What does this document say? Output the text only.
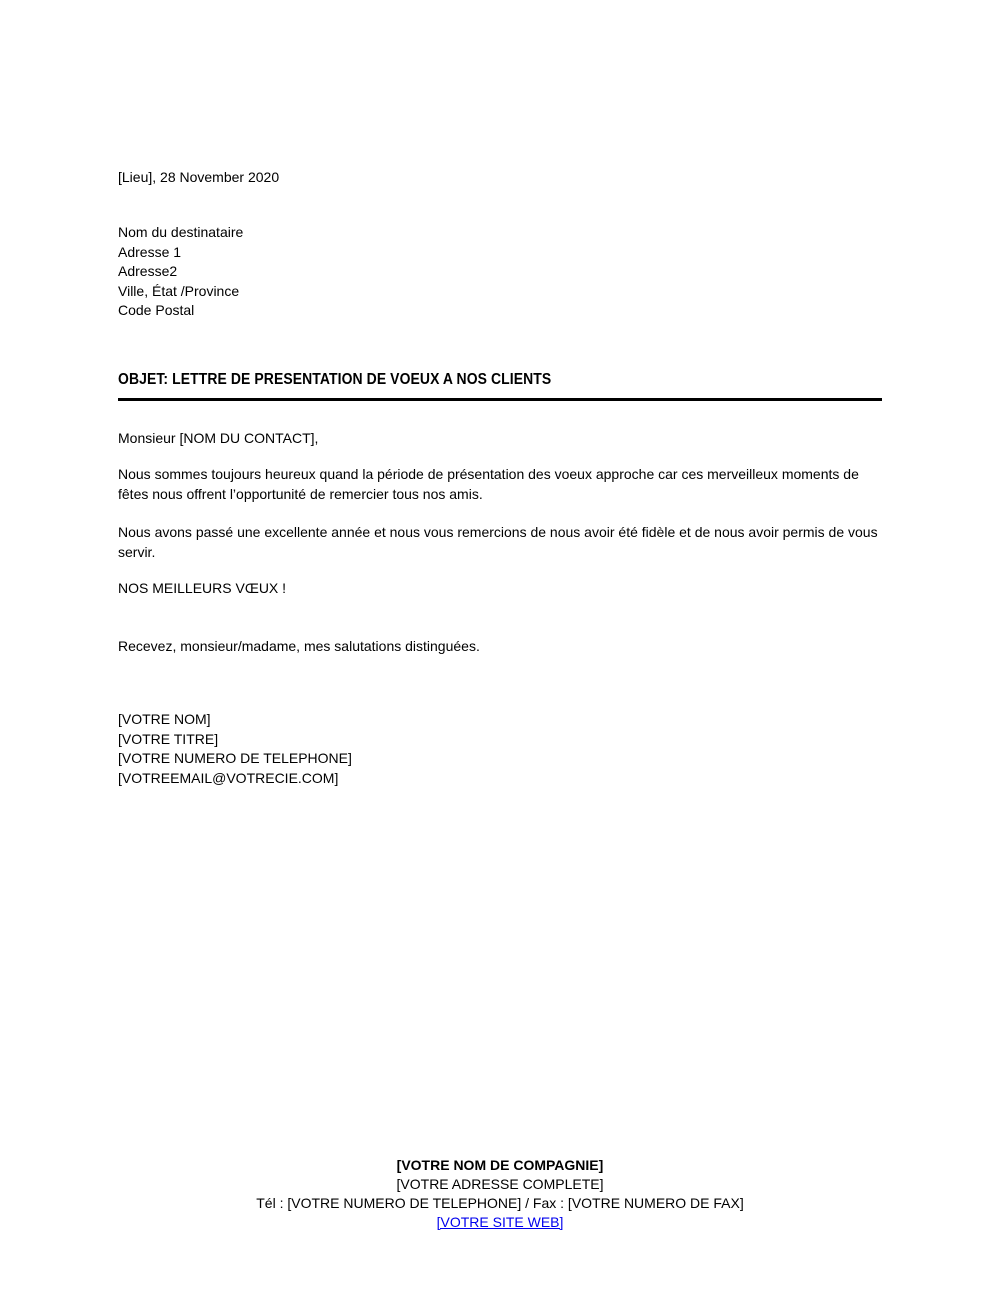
[Lieu], 28 November 2020
Nom du destinataire
Adresse 1
Adresse2
Ville, État /Province
Code Postal
OBJET: LETTRE DE PRESENTATION DE VOEUX A NOS CLIENTS
Monsieur [NOM DU CONTACT],
Nous sommes toujours heureux quand la période de présentation des voeux approche car ces merveilleux moments de fêtes nous offrent l’opportunité de remercier tous nos amis.
Nous avons passé une excellente année et nous vous remercions de nous avoir été fidèle et de nous avoir permis de vous servir.
NOS MEILLEURS VŒUX !
Recevez, monsieur/madame, mes salutations distinguées.
[VOTRE NOM]
[VOTRE TITRE]
[VOTRE NUMERO DE TELEPHONE]
[VOTREEMAIL@VOTRECIE.COM]
[VOTRE NOM DE COMPAGNIE]
[VOTRE ADRESSE COMPLETE]
Tél : [VOTRE NUMERO DE TELEPHONE] / Fax : [VOTRE NUMERO DE FAX]
[VOTRE SITE WEB]
